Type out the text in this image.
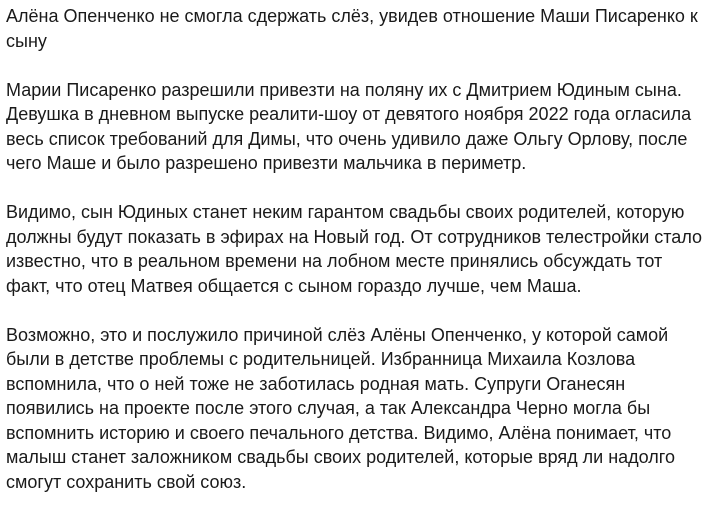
Алёна Опенченко не смогла сдержать слёз, увидев отношение Маши Писаренко к сыну

Марии Писаренко разрешили привезти на поляну их с Дмитрием Юдиным сына. Девушка в дневном выпуске реалити-шоу от девятого ноября 2022 года огласила весь список требований для Димы, что очень удивило даже Ольгу Орлову, после чего Маше и было разрешено привезти мальчика в периметр.

Видимо, сын Юдиных станет неким гарантом свадьбы своих родителей, которую должны будут показать в эфирах на Новый год. От сотрудников телестройки стало известно, что в реальном времени на лобном месте принялись обсуждать тот факт, что отец Матвея общается с сыном гораздо лучше, чем Маша.

Возможно, это и послужило причиной слёз Алёны Опенченко, у которой самой были в детстве проблемы с родительницей. Избранница Михаила Козлова вспомнила, что о ней тоже не заботилась родная мать. Супруги Оганесян появились на проекте после этого случая, а так Александра Черно могла бы вспомнить историю и своего печального детства. Видимо, Алёна понимает, что малыш станет заложником свадьбы своих родителей, которые вряд ли надолго смогут сохранить свой союз.
